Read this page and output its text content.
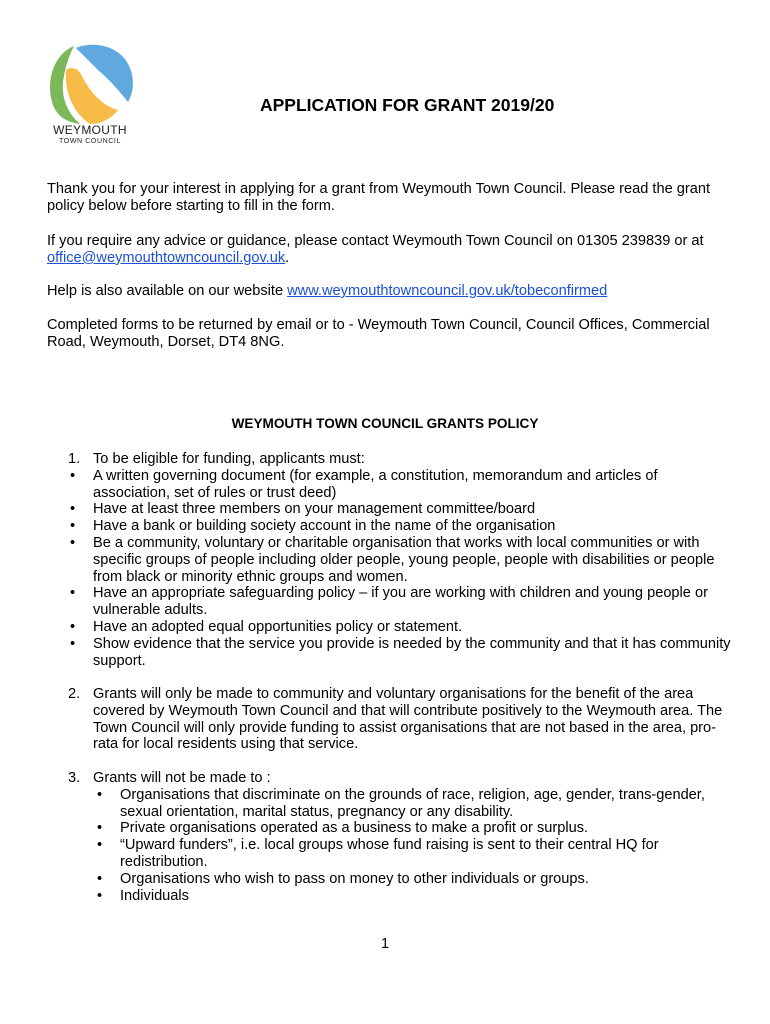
WEYMOUTH
TOWN COUNCIL
APPLICATION FOR GRANT 2019/20
Thank you for your interest in applying for a grant from Weymouth Town Council. Please read the grant policy below before starting to fill in the form.
If you require any advice or guidance, please contact Weymouth Town Council on 01305 239839 or at office@weymouthtowncouncil.gov.uk.
Help is also available on our website www.weymouthtowncouncil.gov.uk/tobeconfirmed
Completed forms to be returned by email or to - Weymouth Town Council, Council Offices, Commercial Road, Weymouth, Dorset, DT4 8NG.
WEYMOUTH TOWN COUNCIL GRANTS POLICY
1. To be eligible for funding, applicants must:
• A written governing document (for example, a constitution, memorandum and articles of association, set of rules or trust deed)
• Have at least three members on your management committee/board
• Have a bank or building society account in the name of the organisation
• Be a community, voluntary or charitable organisation that works with local communities or with specific groups of people including older people, young people, people with disabilities or people from black or minority ethnic groups and women.
• Have an appropriate safeguarding policy – if you are working with children and young people or vulnerable adults.
• Have an adopted equal opportunities policy or statement.
• Show evidence that the service you provide is needed by the community and that it has community support.
2. Grants will only be made to community and voluntary organisations for the benefit of the area covered by Weymouth Town Council and that will contribute positively to the Weymouth area. The Town Council will only provide funding to assist organisations that are not based in the area, pro-rata for local residents using that service.
3. Grants will not be made to :
• Organisations that discriminate on the grounds of race, religion, age, gender, trans-gender, sexual orientation, marital status, pregnancy or any disability.
• Private organisations operated as a business to make a profit or surplus.
• “Upward funders”, i.e. local groups whose fund raising is sent to their central HQ for redistribution.
• Organisations who wish to pass on money to other individuals or groups.
• Individuals
1
